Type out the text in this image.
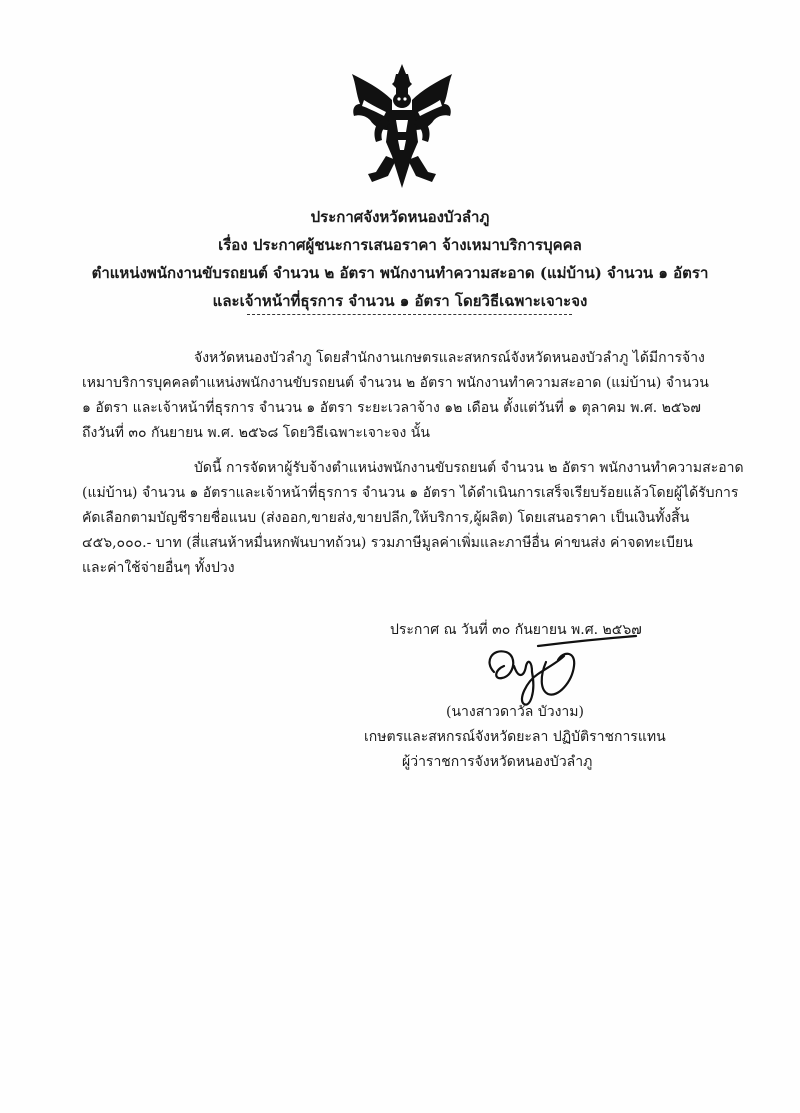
ประกาศจังหวัดหนองบัวลำภู
เรื่อง ประกาศผู้ชนะการเสนอราคา จ้างเหมาบริการบุคคล
ตำแหน่งพนักงานขับรถยนต์ จำนวน ๒ อัตรา พนักงานทำความสะอาด (แม่บ้าน) จำนวน ๑ อัตรา
และเจ้าหน้าที่ธุรการ จำนวน ๑ อัตรา โดยวิธีเฉพาะเจาะจง
จังหวัดหนองบัวลำภู โดยสำนักงานเกษตรและสหกรณ์จังหวัดหนองบัวลำภู ได้มีการจ้าง
เหมาบริการบุคคลตำแหน่งพนักงานขับรถยนต์ จำนวน ๒ อัตรา พนักงานทำความสะอาด (แม่บ้าน) จำนวน
๑ อัตรา และเจ้าหน้าที่ธุรการ จำนวน ๑ อัตรา ระยะเวลาจ้าง ๑๒ เดือน ตั้งแต่วันที่ ๑ ตุลาคม พ.ศ. ๒๕๖๗
ถึงวันที่ ๓๐ กันยายน พ.ศ. ๒๕๖๘ โดยวิธีเฉพาะเจาะจง นั้น
บัดนี้ การจัดหาผู้รับจ้างตำแหน่งพนักงานขับรถยนต์ จำนวน ๒ อัตรา พนักงานทำความสะอาด
(แม่บ้าน) จำนวน ๑ อัตราและเจ้าหน้าที่ธุรการ จำนวน ๑ อัตรา ได้ดำเนินการเสร็จเรียบร้อยแล้วโดยผู้ได้รับการ
คัดเลือกตามบัญชีรายชื่อแนบ (ส่งออก,ขายส่ง,ขายปลีก,ให้บริการ,ผู้ผลิต) โดยเสนอราคา เป็นเงินทั้งสิ้น
๔๕๖,๐๐๐.- บาท (สี่แสนห้าหมื่นหกพันบาทถ้วน) รวมภาษีมูลค่าเพิ่มและภาษีอื่น ค่าขนส่ง ค่าจดทะเบียน
และค่าใช้จ่ายอื่นๆ ทั้งปวง
ประกาศ ณ วันที่ ๓๐ กันยายน พ.ศ. ๒๕๖๗
(นางสาวดาวัล บัวงาม)
เกษตรและสหกรณ์จังหวัดยะลา ปฏิบัติราชการแทน
ผู้ว่าราชการจังหวัดหนองบัวลำภู
